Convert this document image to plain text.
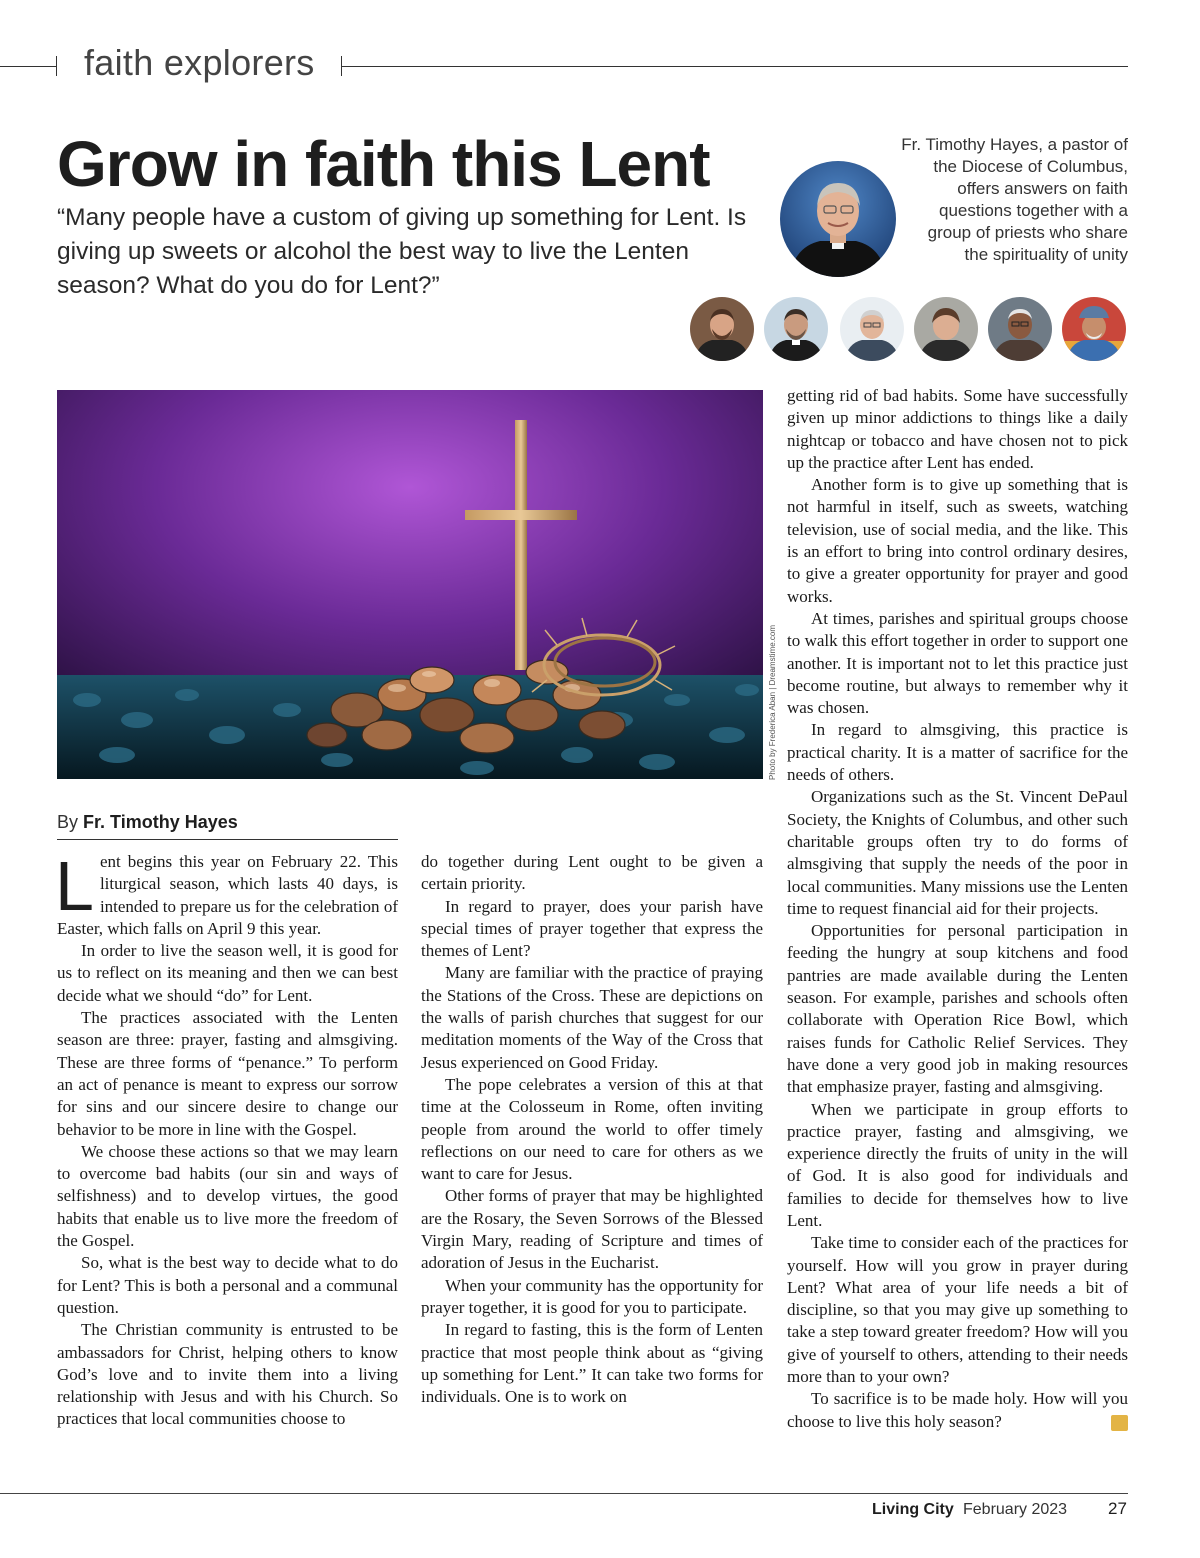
faith explorers
Grow in faith this Lent

“Many people have a custom of giving up something for Lent. Is giving up sweets or alcohol the best way to live the Lenten season? What do you do for Lent?”

Fr. Timothy Hayes, a pastor of the Diocese of Columbus, offers answers on faith questions together with a group of priests who share the spirituality of unity
Photo by Frederica Aban | Dreamstime.com
By Fr. Timothy Hayes

Lent begins this year on February 22. This liturgical season, which lasts 40 days, is intended to prepare us for the celebration of Easter, which falls on April 9 this year.

In order to live the season well, it is good for us to reflect on its meaning and then we can best decide what we should “do” for Lent.

The practices associated with the Lenten season are three: prayer, fasting and almsgiving. These are three forms of “penance.” To perform an act of penance is meant to express our sorrow for sins and our sincere desire to change our behavior to be more in line with the Gospel.

We choose these actions so that we may learn to overcome bad habits (our sin and ways of selfishness) and to develop virtues, the good habits that enable us to live more the freedom of the Gospel.

So, what is the best way to decide what to do for Lent? This is both a personal and a communal question.

The Christian community is entrusted to be ambassadors for Christ, helping others to know God’s love and to invite them into a living relationship with Jesus and with his Church. So practices that local communities choose to

do together during Lent ought to be given a certain priority.

In regard to prayer, does your parish have special times of prayer together that express the themes of Lent?

Many are familiar with the practice of praying the Stations of the Cross. These are depictions on the walls of parish churches that suggest for our meditation moments of the Way of the Cross that Jesus experienced on Good Friday.

The pope celebrates a version of this at that time at the Colosseum in Rome, often inviting people from around the world to offer timely reflections on our need to care for others as we want to care for Jesus.

Other forms of prayer that may be highlighted are the Rosary, the Seven Sorrows of the Blessed Virgin Mary, reading of Scripture and times of adoration of Jesus in the Eucharist.

When your community has the opportunity for prayer together, it is good for you to participate.

In regard to fasting, this is the form of Lenten practice that most people think about as “giving up something for Lent.” It can take two forms for individuals. One is to work on

getting rid of bad habits. Some have successfully given up minor addictions to things like a daily nightcap or tobacco and have chosen not to pick up the practice after Lent has ended.

Another form is to give up something that is not harmful in itself, such as sweets, watching television, use of social media, and the like. This is an effort to bring into control ordinary desires, to give a greater opportunity for prayer and good works.

At times, parishes and spiritual groups choose to walk this effort together in order to support one another. It is important not to let this practice just become routine, but always to remember why it was chosen.

In regard to almsgiving, this practice is practical charity. It is a matter of sacrifice for the needs of others.

Organizations such as the St. Vincent DePaul Society, the Knights of Columbus, and other such charitable groups often try to do forms of almsgiving that supply the needs of the poor in local communities. Many missions use the Lenten time to request financial aid for their projects.

Opportunities for personal participation in feeding the hungry at soup kitchens and food pantries are made available during the Lenten season. For example, parishes and schools often collaborate with Operation Rice Bowl, which raises funds for Catholic Relief Services. They have done a very good job in making resources that emphasize prayer, fasting and almsgiving.

When we participate in group efforts to practice prayer, fasting and almsgiving, we experience directly the fruits of unity in the will of God. It is also good for individuals and families to decide for themselves how to live Lent.

Take time to consider each of the practices for yourself. How will you grow in prayer during Lent? What area of your life needs a bit of discipline, so that you may give up something to take a step toward greater freedom? How will you give of yourself to others, attending to their needs more than to your own?

To sacrifice is to be made holy. How will you choose to live this holy season?	LC

Living City February 2023 27
